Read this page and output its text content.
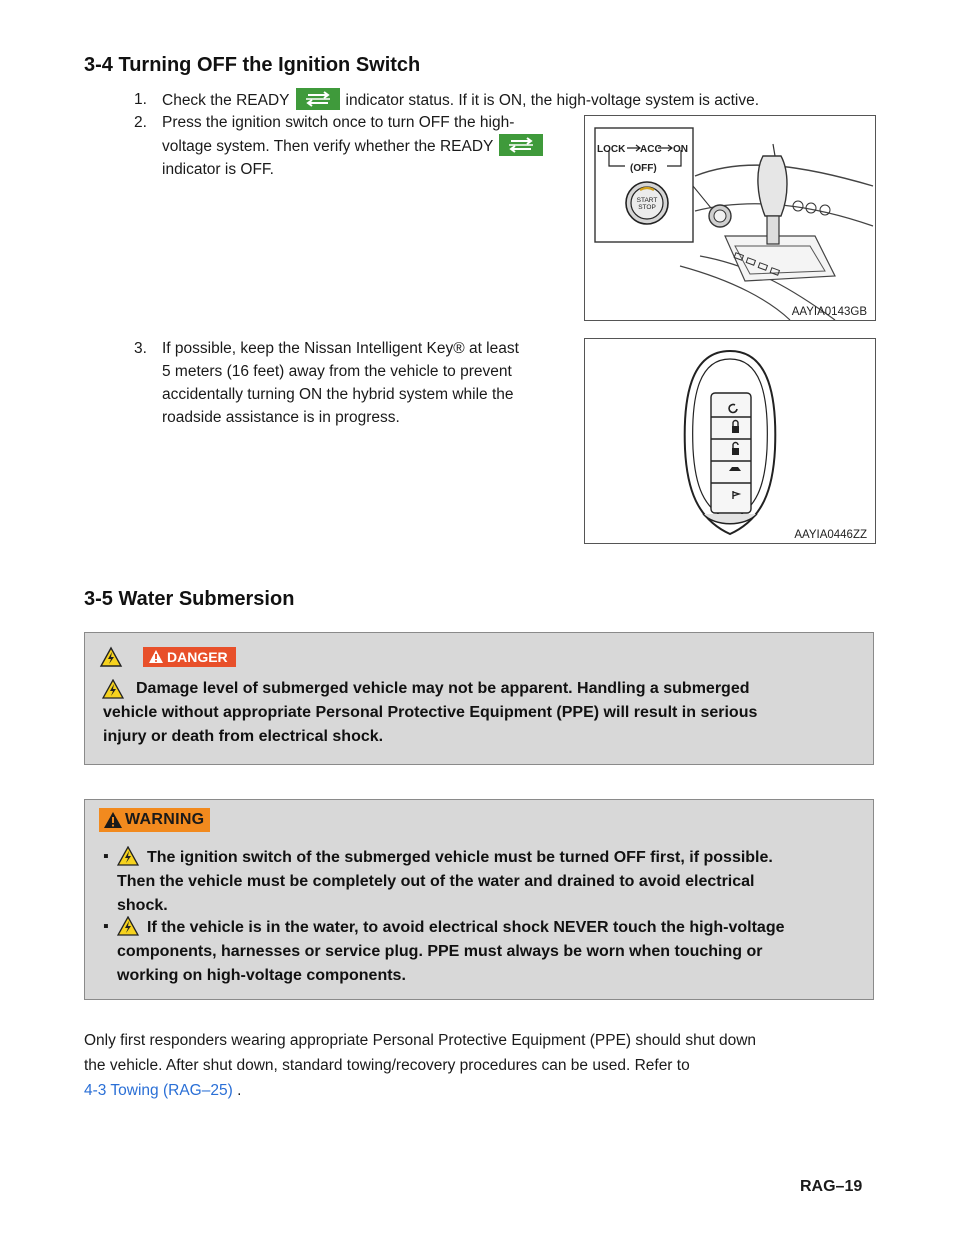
3-4 Turning OFF the Ignition Switch
1. Check the READY	indicator status. If it is ON, the high-voltage system is active.
2. Press the ignition switch once to turn OFF the high-
voltage system. Then verify whether the READY
indicator is OFF.
LOCK ACC ON
(OFF)
START
STOP
AAYIA0143GB
3. If possible, keep the Nissan Intelligent Key® at least
5 meters (16 feet) away from the vehicle to prevent
accidentally turning ON the hybrid system while the
roadside assistance is in progress.
AAYIA0446ZZ
3-5 Water Submersion
DANGER
Damage level of submerged vehicle may not be apparent. Handling a submerged
vehicle without appropriate Personal Protective Equipment (PPE) will result in serious
injury or death from electrical shock.
WARNING
▪	The ignition switch of the submerged vehicle must be turned OFF first, if possible.
Then the vehicle must be completely out of the water and drained to avoid electrical
shock.
▪	If the vehicle is in the water, to avoid electrical shock NEVER touch the high-voltage
components, harnesses or service plug. PPE must always be worn when touching or
working on high-voltage components.
Only first responders wearing appropriate Personal Protective Equipment (PPE) should shut down
the vehicle. After shut down, standard towing/recovery procedures can be used. Refer to
4-3 Towing (RAG–25) .
RAG–19
